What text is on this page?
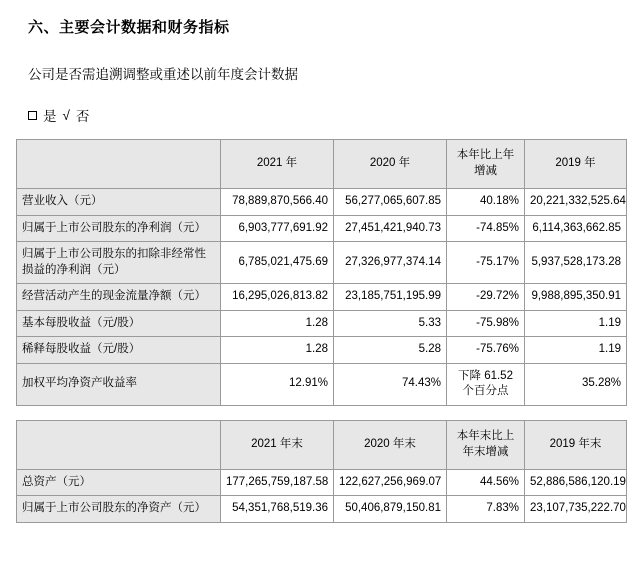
六、主要会计数据和财务指标
公司是否需追溯调整或重述以前年度会计数据
是 √ 否
	2021 年	2020 年	本年比上年增减	2019 年
营业收入（元）	78,889,870,566.40	56,277,065,607.85	40.18%	20,221,332,525.64
归属于上市公司股东的净利润（元）	6,903,777,691.92	27,451,421,940.73	-74.85%	6,114,363,662.85
归属于上市公司股东的扣除非经常性损益的净利润（元）	6,785,021,475.69	27,326,977,374.14	-75.17%	5,937,528,173.28
经营活动产生的现金流量净额（元）	16,295,026,813.82	23,185,751,195.99	-29.72%	9,988,895,350.91
基本每股收益（元/股）	1.28	5.33	-75.98%	1.19
稀释每股收益（元/股）	1.28	5.28	-75.76%	1.19
加权平均净资产收益率	12.91%	74.43%	下降 61.52 个百分点	35.28%
	2021 年末	2020 年末	本年末比上年末增减	2019 年末
总资产（元）	177,265,759,187.58	122,627,256,969.07	44.56%	52,886,586,120.19
归属于上市公司股东的净资产（元）	54,351,768,519.36	50,406,879,150.81	7.83%	23,107,735,222.70
